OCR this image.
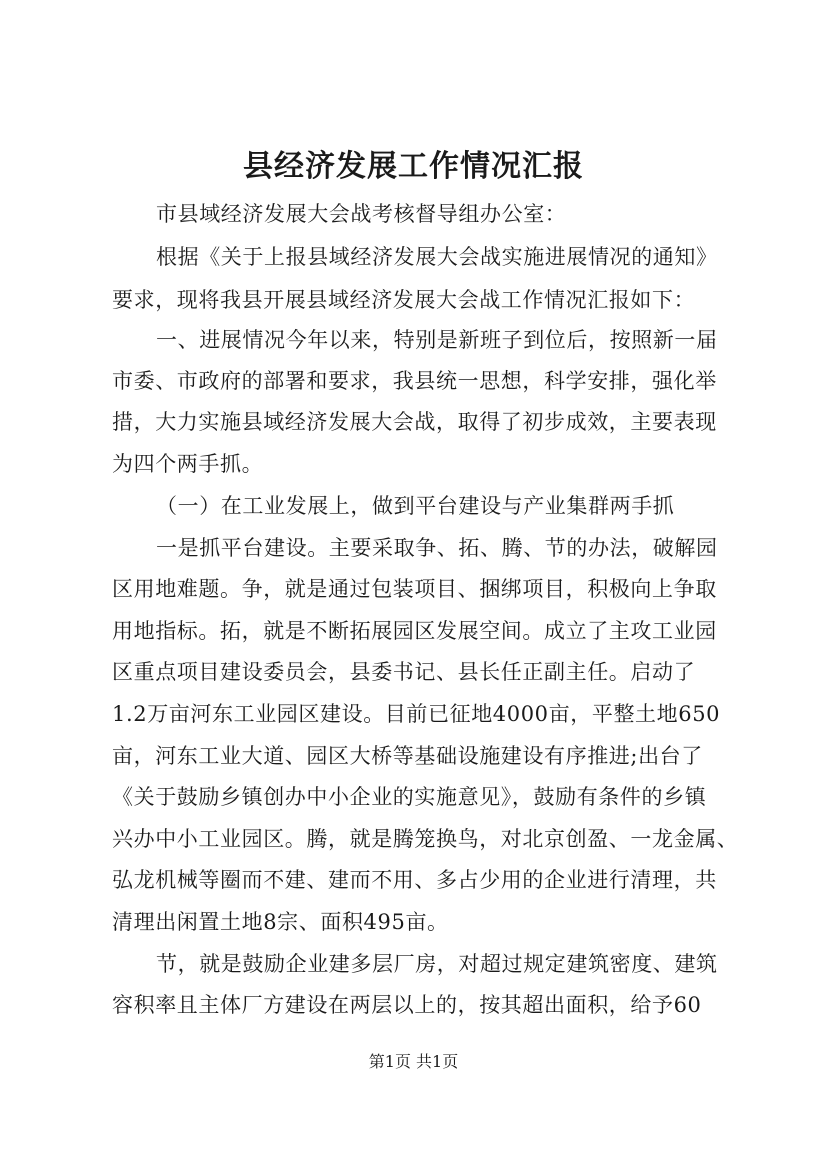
县经济发展工作情况汇报
市县域经济发展大会战考核督导组办公室：
根据《关于上报县域经济发展大会战实施进展情况的通知》
要求，现将我县开展县域经济发展大会战工作情况汇报如下：
一、进展情况今年以来，特别是新班子到位后，按照新一届
市委、市政府的部署和要求，我县统一思想，科学安排，强化举
措，大力实施县域经济发展大会战，取得了初步成效，主要表现
为四个两手抓。
（一）在工业发展上，做到平台建设与产业集群两手抓
一是抓平台建设。主要采取争、拓、腾、节的办法，破解园
区用地难题。争，就是通过包装项目、捆绑项目，积极向上争取
用地指标。拓，就是不断拓展园区发展空间。成立了主攻工业园
区重点项目建设委员会，县委书记、县长任正副主任。启动了
1.2万亩河东工业园区建设。目前已征地4000亩，平整土地650
亩，河东工业大道、园区大桥等基础设施建设有序推进;出台了
《关于鼓励乡镇创办中小企业的实施意见》，鼓励有条件的乡镇
兴办中小工业园区。腾，就是腾笼换鸟，对北京创盈、一龙金属、
弘龙机械等圈而不建、建而不用、多占少用的企业进行清理，共
清理出闲置土地8宗、面积495亩。
节，就是鼓励企业建多层厂房，对超过规定建筑密度、建筑
容积率且主体厂方建设在两层以上的，按其超出面积，给予60
第1页 共1页
